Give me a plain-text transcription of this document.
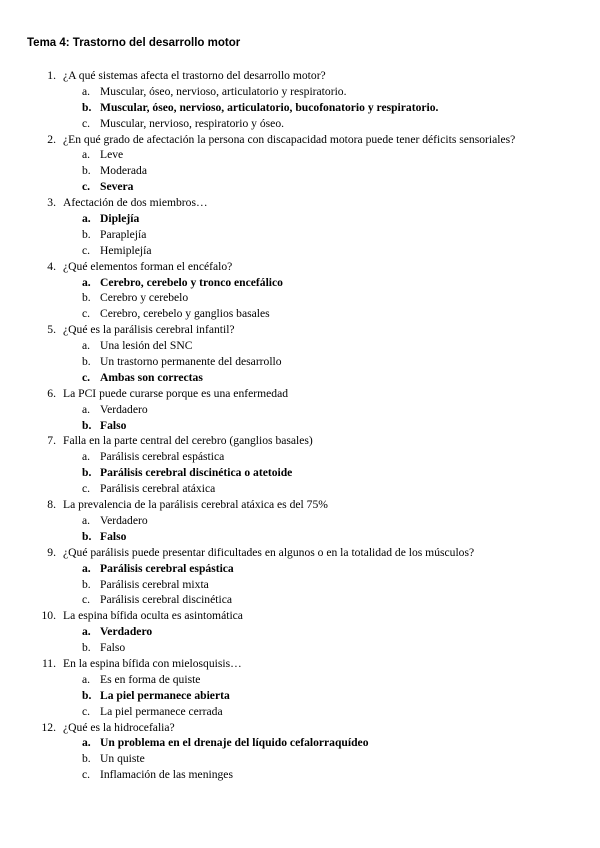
Tema 4: Trastorno del desarrollo motor
1. ¿A qué sistemas afecta el trastorno del desarrollo motor?
a. Muscular, óseo, nervioso, articulatorio y respiratorio.
b. Muscular, óseo, nervioso, articulatorio, bucofonatorio y respiratorio.
c. Muscular, nervioso, respiratorio y óseo.
2. ¿En qué grado de afectación la persona con discapacidad motora puede tener déficits sensoriales?
a. Leve
b. Moderada
c. Severa
3. Afectación de dos miembros…
a. Diplejía
b. Paraplejía
c. Hemiplejía
4. ¿Qué elementos forman el encéfalo?
a. Cerebro, cerebelo y tronco encefálico
b. Cerebro y cerebelo
c. Cerebro, cerebelo y ganglios basales
5. ¿Qué es la parálisis cerebral infantil?
a. Una lesión del SNC
b. Un trastorno permanente del desarrollo
c. Ambas son correctas
6. La PCI puede curarse porque es una enfermedad
a. Verdadero
b. Falso
7. Falla en la parte central del cerebro (ganglios basales)
a. Parálisis cerebral espástica
b. Parálisis cerebral discinética o atetoide
c. Parálisis cerebral atáxica
8. La prevalencia de la parálisis cerebral atáxica es del 75%
a. Verdadero
b. Falso
9. ¿Qué parálisis puede presentar dificultades en algunos o en la totalidad de los músculos?
a. Parálisis cerebral espástica
b. Parálisis cerebral mixta
c. Parálisis cerebral discinética
10. La espina bífida oculta es asintomática
a. Verdadero
b. Falso
11. En la espina bífida con mielosquisis…
a. Es en forma de quiste
b. La piel permanece abierta
c. La piel permanece cerrada
12. ¿Qué es la hidrocefalia?
a. Un problema en el drenaje del líquido cefalorraquídeo
b. Un quiste
c. Inflamación de las meninges
